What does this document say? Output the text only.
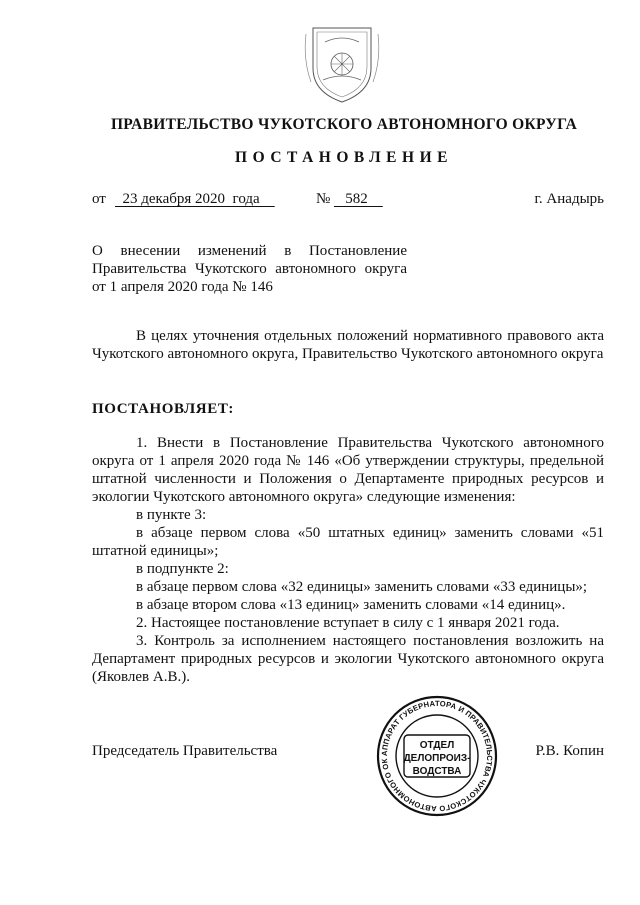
ПРАВИТЕЛЬСТВО ЧУКОТСКОГО АВТОНОМНОГО ОКРУГА
ПОСТАНОВЛЕНИЕ
от 23 декабря 2020  года	№ 582	г. Анадырь
О внесении изменений в Постановление Правительства Чукотского автономного округа от 1 апреля 2020 года № 146
В целях уточнения отдельных положений нормативного правового акта Чукотского автономного округа, Правительство Чукотского автономного округа
ПОСТАНОВЛЯЕТ:
1. Внести в Постановление Правительства Чукотского автономного округа от 1 апреля 2020 года № 146 «Об утверждении структуры, предельной штатной численности и Положения о Департаменте природных ресурсов и экологии Чукотского автономного округа» следующие изменения:
в пункте 3:
в абзаце первом слова «50 штатных единиц» заменить словами «51 штатной единицы»;
в подпункте 2:
в абзаце первом слова «32 единицы» заменить словами «33 единицы»;
в абзаце втором слова «13 единиц» заменить словами «14 единиц».
2. Настоящее постановление вступает в силу с 1 января 2021 года.
3. Контроль за исполнением настоящего постановления возложить на Департамент природных ресурсов и экологии Чукотского автономного округа (Яковлев А.В.).
Председатель Правительства	Р.В. Копин
АППАРАТ ГУБЕРНАТОРА И ПРАВИТЕЛЬСТВА ЧУКОТСКОГО АВТОНОМНОГО ОК
ОТДЕЛ
ДЕЛОПРОИЗ-
ВОДСТВА
